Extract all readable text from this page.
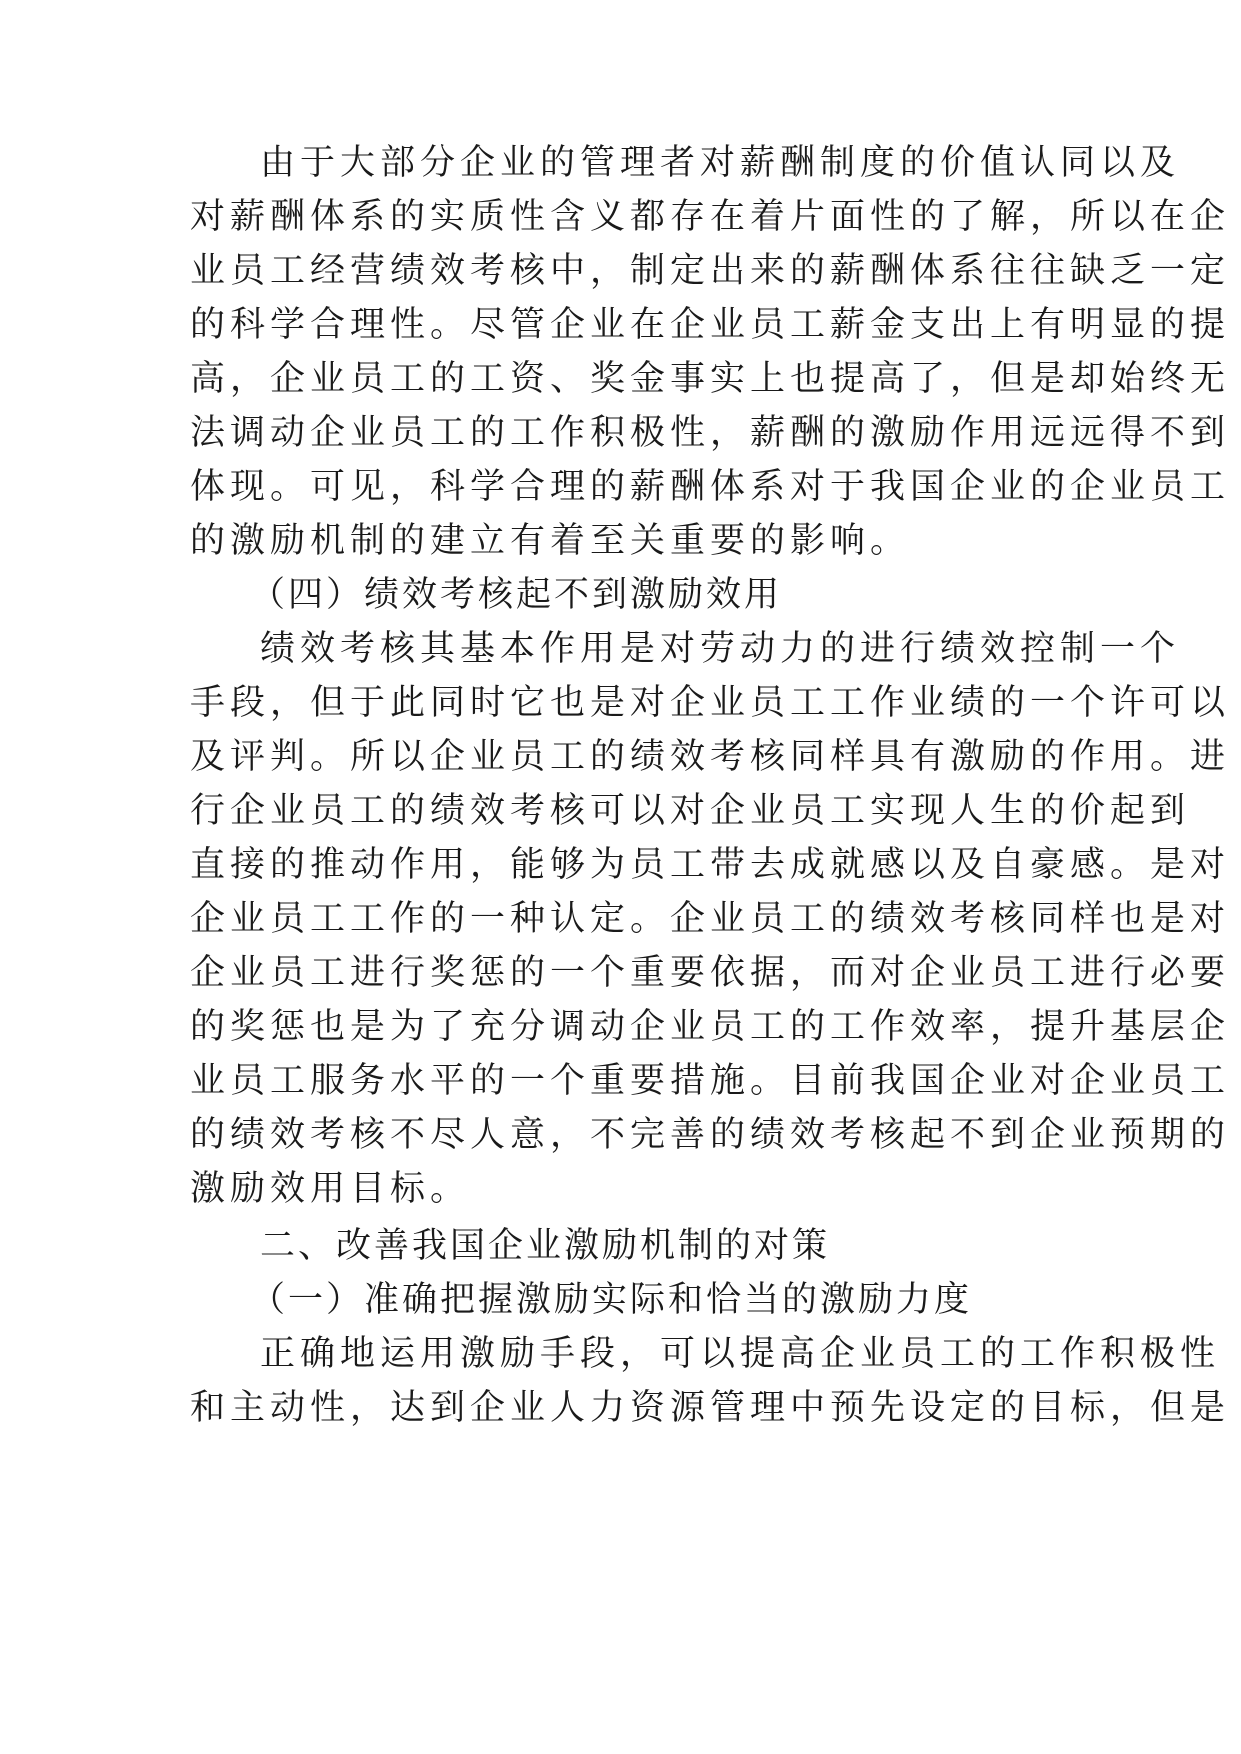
由于大部分企业的管理者对薪酬制度的价值认同以及
对薪酬体系的实质性含义都存在着片面性的了解，所以在企
业员工经营绩效考核中，制定出来的薪酬体系往往缺乏一定
的科学合理性。尽管企业在企业员工薪金支出上有明显的提
高，企业员工的工资、奖金事实上也提高了，但是却始终无
法调动企业员工的工作积极性，薪酬的激励作用远远得不到
体现。可见，科学合理的薪酬体系对于我国企业的企业员工
的激励机制的建立有着至关重要的影响。
（四）绩效考核起不到激励效用
绩效考核其基本作用是对劳动力的进行绩效控制一个
手段，但于此同时它也是对企业员工工作业绩的一个许可以
及评判。所以企业员工的绩效考核同样具有激励的作用。进
行企业员工的绩效考核可以对企业员工实现人生的价起到
直接的推动作用，能够为员工带去成就感以及自豪感。是对
企业员工工作的一种认定。企业员工的绩效考核同样也是对
企业员工进行奖惩的一个重要依据，而对企业员工进行必要
的奖惩也是为了充分调动企业员工的工作效率，提升基层企
业员工服务水平的一个重要措施。目前我国企业对企业员工
的绩效考核不尽人意，不完善的绩效考核起不到企业预期的
激励效用目标。
二、改善我国企业激励机制的对策
（一）准确把握激励实际和恰当的激励力度
正确地运用激励手段，可以提高企业员工的工作积极性
和主动性，达到企业人力资源管理中预先设定的目标，但是
